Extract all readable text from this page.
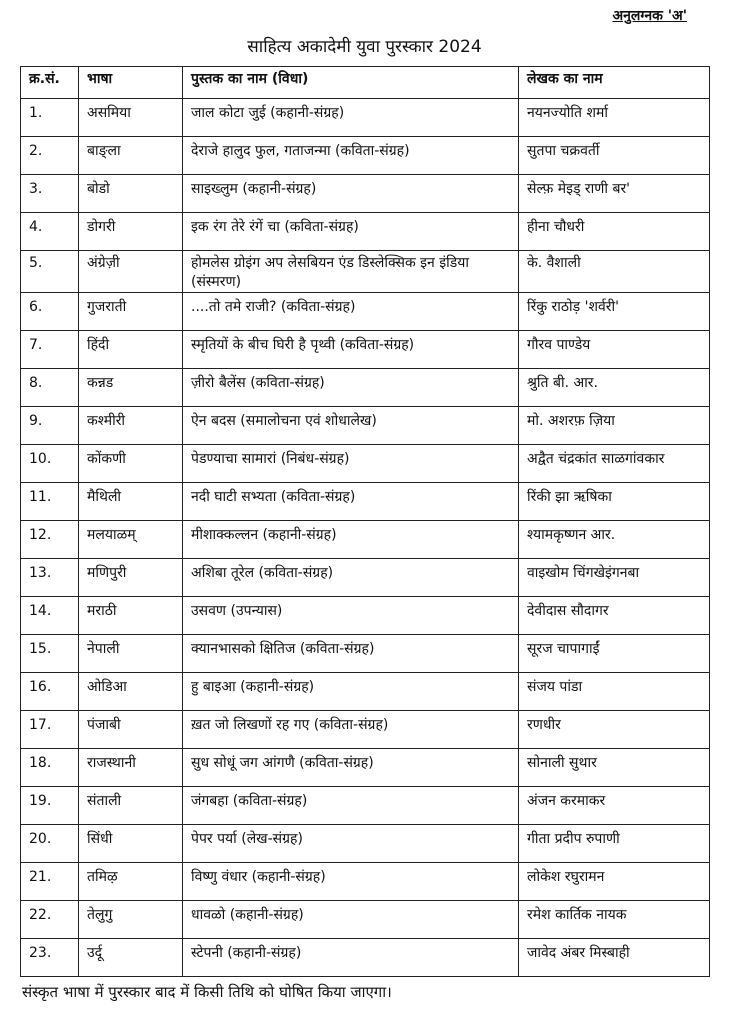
अनुलग्नक 'अ'
साहित्य अकादेमी युवा पुरस्कार 2024
क्र.सं.	भाषा	पुस्तक का नाम (विधा)	लेखक का नाम
1.	असमिया	जाल कोटा जुई (कहानी-संग्रह)	नयनज्योति शर्मा
2.	बाङ्ला	देराजे हालुद फुल, गताजन्मा (कविता-संग्रह)	सुतपा चक्रवर्ती
3.	बोडो	साइख्लुम (कहानी-संग्रह)	सेल्फ़ मेइड् राणी बर'
4.	डोगरी	इक रंग तेरे रंगें चा (कविता-संग्रह)	हीना चौधरी
5.	अंग्रेज़ी	होमलेस ग्रोइंग अप लेसबियन एंड डिस्लेक्सिक इन इंडिया (संस्मरण)	के. वैशाली
6.	गुजराती	....तो तमे राजी? (कविता-संग्रह)	रिंकु राठोड़ 'शर्वरी'
7.	हिंदी	स्मृतियों के बीच घिरी है पृथ्वी (कविता-संग्रह)	गौरव पाण्डेय
8.	कन्नड	ज़ीरो बैलेंस (कविता-संग्रह)	श्रुति बी. आर.
9.	कश्मीरी	ऐन बदस (समालोचना एवं शोधालेख)	मो. अशरफ़ ज़िया
10.	कोंकणी	पेडण्याचा सामारां (निबंध-संग्रह)	अद्वैत चंद्रकांत साळगांवकार
11.	मैथिली	नदी घाटी सभ्यता (कविता-संग्रह)	रिंकी झा ऋषिका
12.	मलयाळम्	मीशाक्कल्लन (कहानी-संग्रह)	श्यामकृष्णन आर.
13.	मणिपुरी	अशिबा तूरेल (कविता-संग्रह)	वाइखोम चिंगखेइंगनबा
14.	मराठी	उसवण (उपन्यास)	देवीदास सौदागर
15.	नेपाली	क्यानभासको क्षितिज (कविता-संग्रह)	सूरज चापागाईं
16.	ओडिआ	हु बाइआ (कहानी-संग्रह)	संजय पांडा
17.	पंजाबी	ख़त जो लिखणों रह गए (कविता-संग्रह)	रणधीर
18.	राजस्थानी	सुध सोधूं जग आंगणै (कविता-संग्रह)	सोनाली सुथार
19.	संताली	जंगबहा (कविता-संग्रह)	अंजन करमाकर
20.	सिंधी	पेपर पर्या (लेख-संग्रह)	गीता प्रदीप रुपाणी
21.	तमिऴ	विष्णु वंधार (कहानी-संग्रह)	लोकेश रघुरामन
22.	तेलुगु	धावळो (कहानी-संग्रह)	रमेश कार्तिक नायक
23.	उर्दू	स्टेपनी (कहानी-संग्रह)	जावेद अंबर मिस्बाही
संस्कृत भाषा में पुरस्कार बाद में किसी तिथि को घोषित किया जाएगा।
